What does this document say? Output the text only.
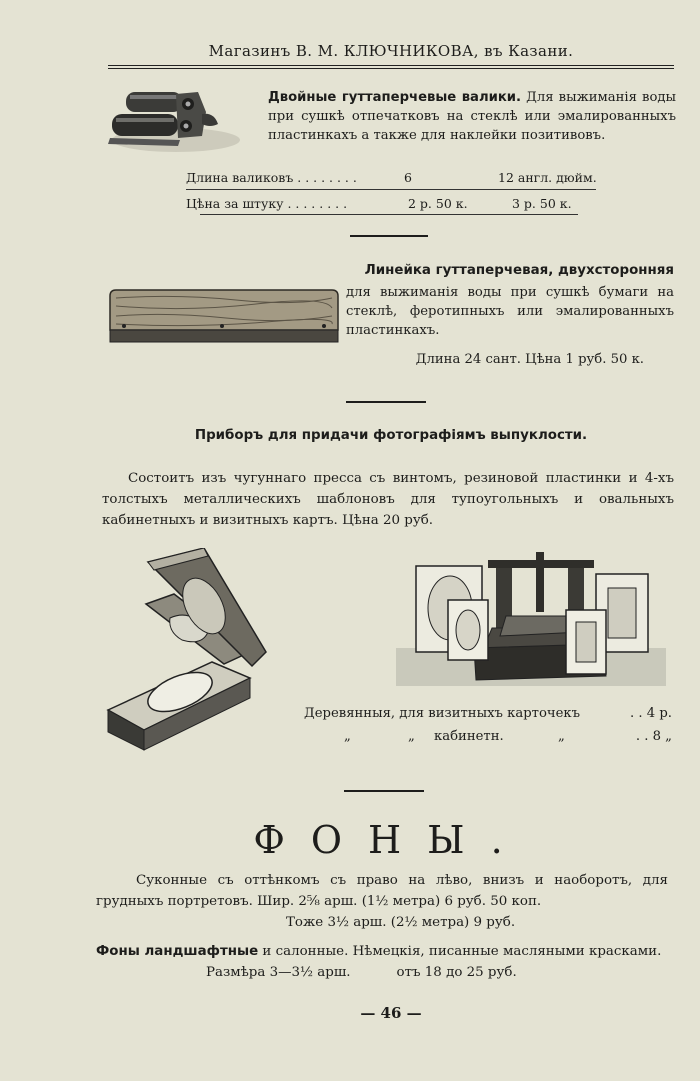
Магазинъ В. М. КЛЮЧНИКОВА, въ Казани.
Двойные гуттаперчевые валики. Для выжиманія воды при сушкѣ отпечатковъ на стеклѣ или эмалированныхъ пластинкахъ а также для наклейки позитивовъ.
Длина валиковъ . . . . . . . .	6	12 англ. дюйм.
Цѣна за штуку . . . . . . . .	2 р. 50 к.	3 р. 50 к.
Линейка гуттаперчевая, двухсторонняя
для выжиманія воды при сушкѣ бумаги на стеклѣ, феротипныхъ или эмалированныхъ пластинкахъ.
Длина 24 сант. Цѣна 1 руб. 50 к.
Приборъ для придачи фотографіямъ выпуклости.
Состоитъ изъ чугуннаго пресса съ винтомъ, резиновой пластинки и 4-хъ толстыхъ металлическихъ шаблоновъ для тупоугольныхъ и овальныхъ кабинетныхъ и визитныхъ картъ. Цѣна 20 руб.
Деревянныя, для визитныхъ карточекъ	. . 4 р.
„	„ кабинетн.	„	. . 8 „
ФОНЫ.
Суконные съ оттѣнкомъ съ право на лѣво, внизъ и наоборотъ, для грудныхъ портретовъ. Шир. 2⅝ арш. (1½ метра) 6 руб. 50 коп.
Тоже 3½ арш. (2½ метра) 9 руб.
Фоны ландшафтные и салонные. Нѣмецкія, писанные масляными красками.
Размѣра 3—3½ арш.	отъ 18 до 25 руб.
— 46 —
